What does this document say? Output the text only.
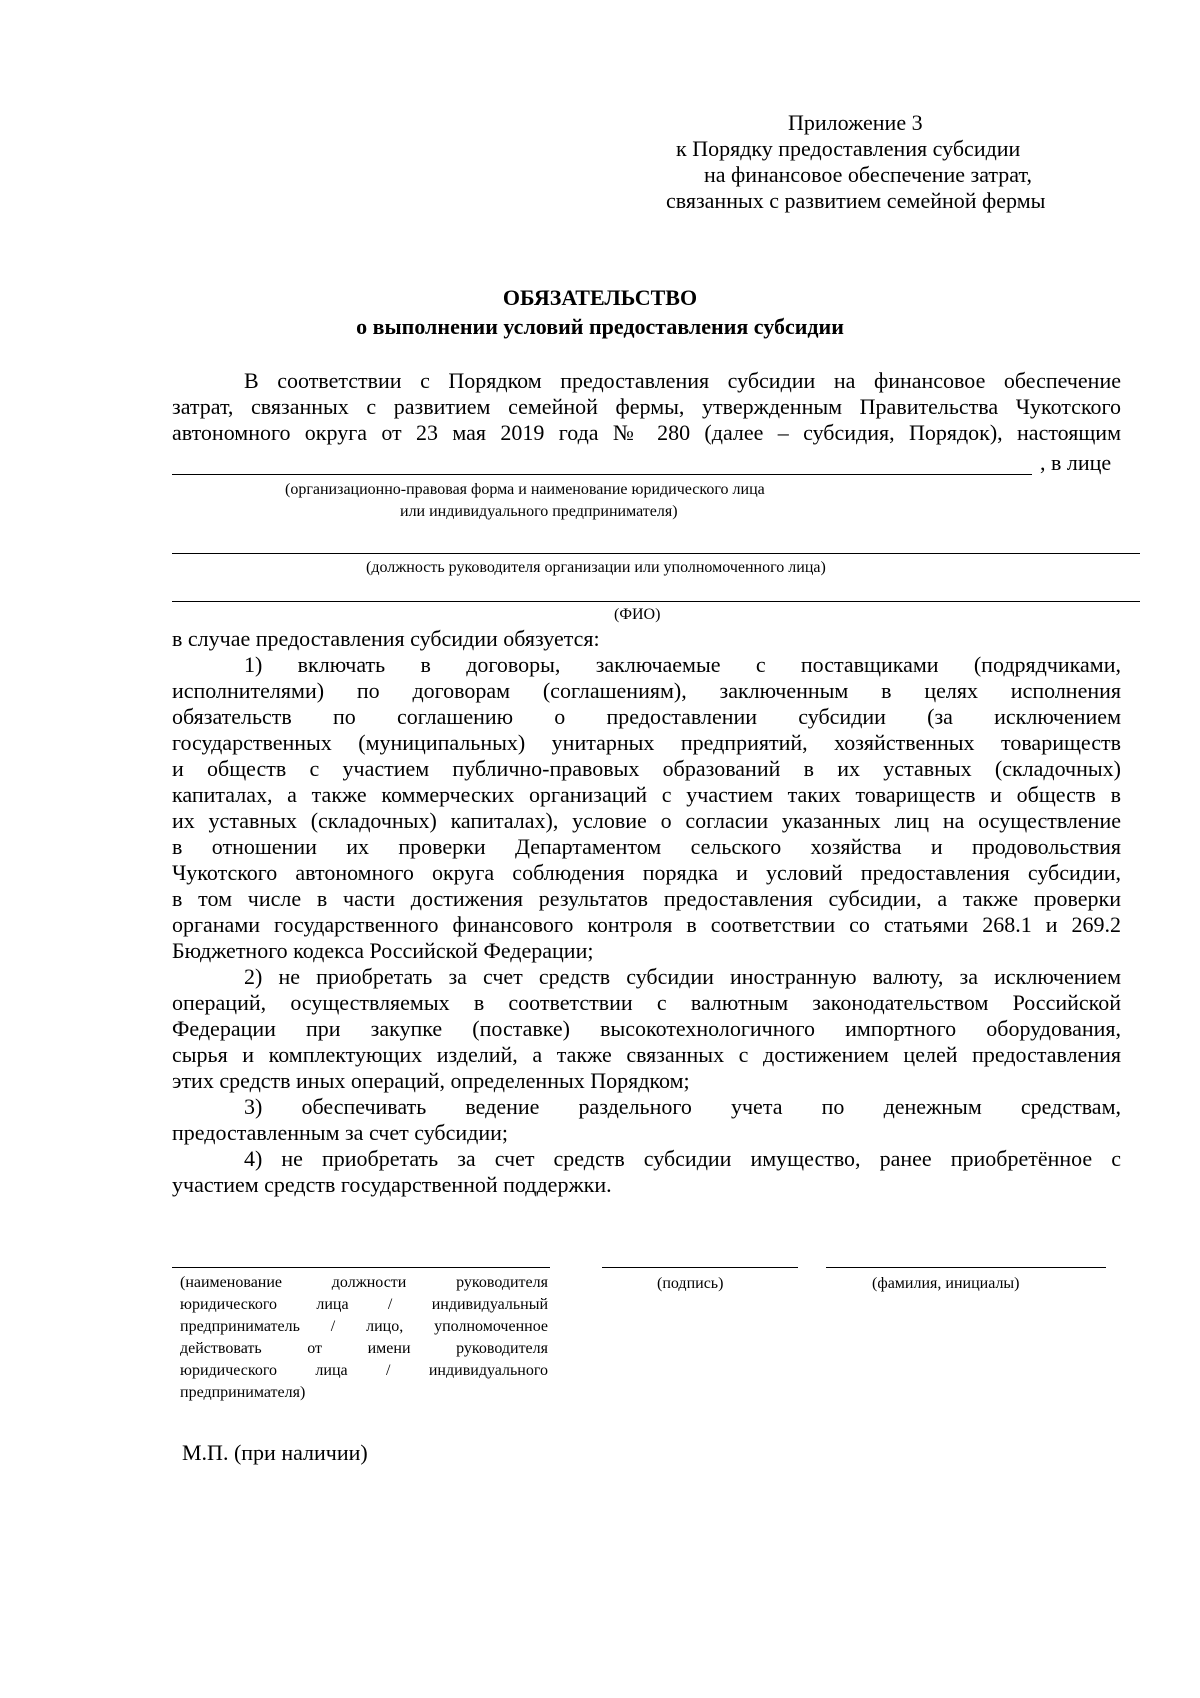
Приложение 3
к Порядку предоставления субсидии
на финансовое обеспечение затрат,
связанных с развитием семейной фермы
ОБЯЗАТЕЛЬСТВО
о выполнении условий предоставления субсидии
В соответствии с Порядком предоставления субсидии на финансовое обеспечение
затрат, связанных с развитием семейной фермы, утвержденным Правительства Чукотского
автономного округа от 23 мая 2019 года № 280 (далее – субсидия, Порядок), настоящим
, в лице
(организационно-правовая форма и наименование юридического лица
или индивидуального предпринимателя)
(должность руководителя организации или уполномоченного лица)
(ФИО)
в случае предоставления субсидии обязуется:
1) включать в договоры, заключаемые с поставщиками (подрядчиками,
исполнителями) по договорам (соглашениям), заключенным в целях исполнения
обязательств по соглашению о предоставлении субсидии (за исключением
государственных (муниципальных) унитарных предприятий, хозяйственных товариществ
и обществ с участием публично-правовых образований в их уставных (складочных)
капиталах, а также коммерческих организаций с участием таких товариществ и обществ в
их уставных (складочных) капиталах), условие о согласии указанных лиц на осуществление
в отношении их проверки Департаментом сельского хозяйства и продовольствия
Чукотского автономного округа соблюдения порядка и условий предоставления субсидии,
в том числе в части достижения результатов предоставления субсидии, а также проверки
органами государственного финансового контроля в соответствии со статьями 268.1 и 269.2
Бюджетного кодекса Российской Федерации;
2) не приобретать за счет средств субсидии иностранную валюту, за исключением
операций, осуществляемых в соответствии с валютным законодательством Российской
Федерации при закупке (поставке) высокотехнологичного импортного оборудования,
сырья и комплектующих изделий, а также связанных с достижением целей предоставления
этих средств иных операций, определенных Порядком;
3) обеспечивать ведение раздельного учета по денежным средствам,
предоставленным за счет субсидии;
4) не приобретать за счет средств субсидии имущество, ранее приобретённое с
участием средств государственной поддержки.
(наименование должности руководителя
юридического лица / индивидуальный
предприниматель / лицо, уполномоченное
действовать от имени руководителя
юридического лица / индивидуального
предпринимателя)
(подпись)	(фамилия, инициалы)
М.П. (при наличии)
